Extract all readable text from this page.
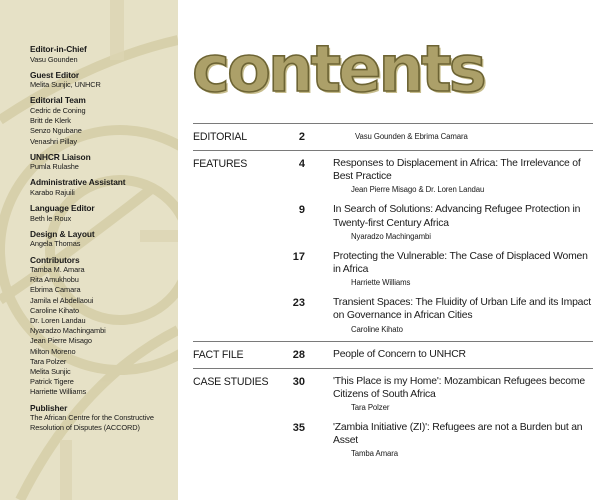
Editor-in-Chief
Vasu Gounden
Guest Editor
Melita Sunjic, UNHCR
Editorial Team
Cedric de Coning
Britt de Klerk
Senzo Ngubane
Venashri Pillay
UNHCR Liaison
Pumla Rulashe
Administrative Assistant
Karabo Rajuili
Language Editor
Beth le Roux
Design & Layout
Angela Thomas
Contributors
Tamba M. Amara
Rita Amukhobu
Ebrima Camara
Jamila el Abdellaoui
Caroline Kihato
Dr. Loren Landau
Nyaradzo Machingambi
Jean Pierre Misago
Milton Moreno
Tara Polzer
Melita Sunjic
Patrick Tigere
Harriette Williams
Publisher
The African Centre for the Constructive
Resolution of Disputes (ACCORD)
contents
EDITORIAL	2	Vasu Gounden & Ebrima Camara
FEATURES	4	Responses to Displacement in Africa: The Irrelevance of Best Practice
Jean Pierre Misago & Dr. Loren Landau
9	In Search of Solutions: Advancing Refugee Protection in Twenty-first Century Africa
Nyaradzo Machingambi
17	Protecting the Vulnerable: The Case of Displaced Women in Africa
Harriette Williams
23	Transient Spaces: The Fluidity of Urban Life and its Impact on Governance in African Cities
Caroline Kihato
FACT FILE	28	People of Concern to UNHCR
CASE STUDIES	30	'This Place is my Home': Mozambican Refugees become Citizens of South Africa
Tara Polzer
35	'Zambia Initiative (ZI)': Refugees are not a Burden but an Asset
Tamba Amara
